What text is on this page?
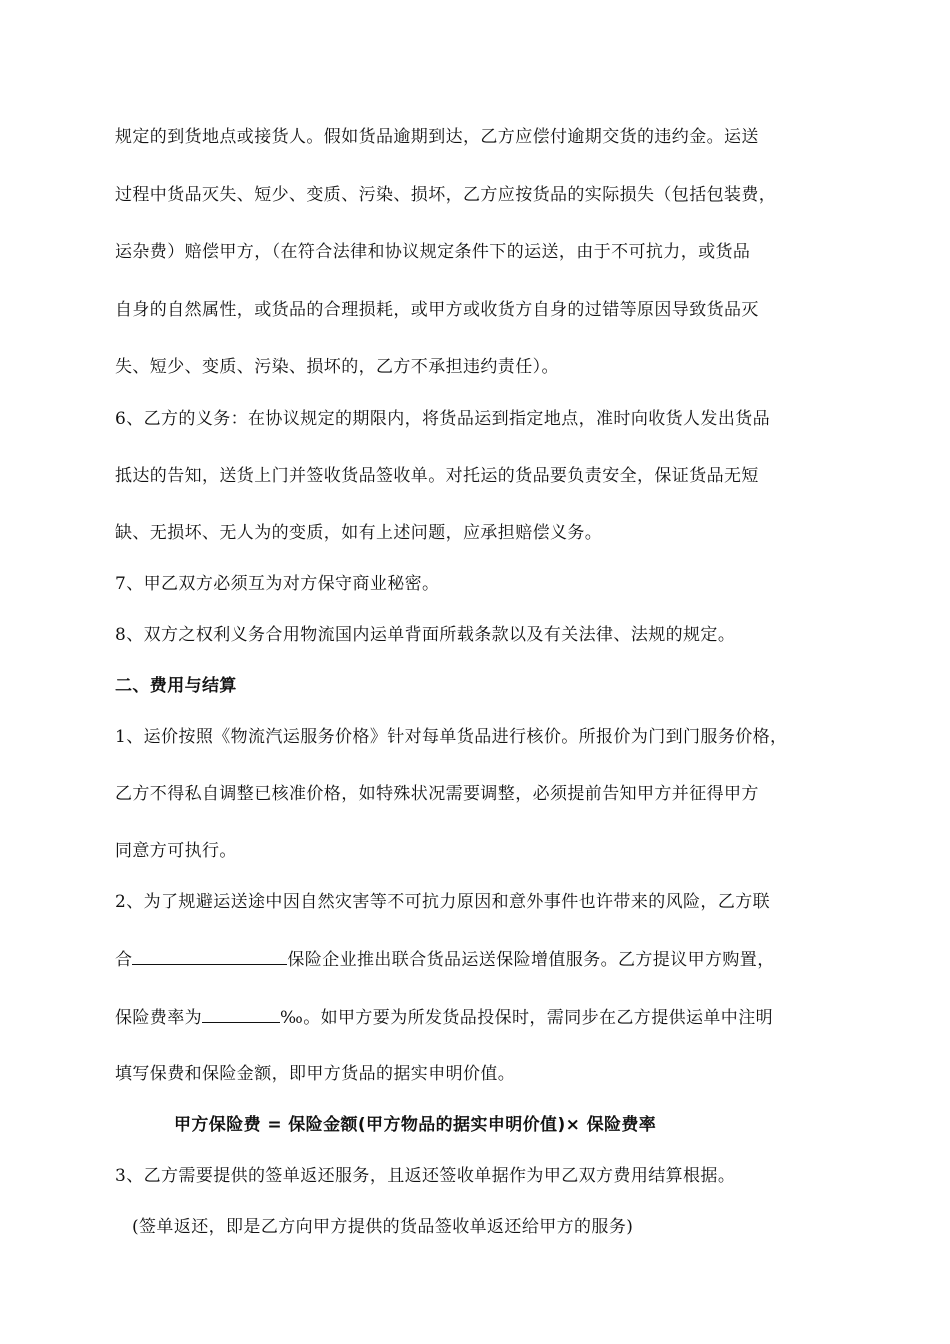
规定的到货地点或接货人。假如货品逾期到达，乙方应偿付逾期交货的违约金。运送
过程中货品灭失、短少、变质、污染、损坏，乙方应按货品的实际损失（包括包装费，
运杂费）赔偿甲方，（在符合法律和协议规定条件下的运送，由于不可抗力，或货品
自身的自然属性，或货品的合理损耗，或甲方或收货方自身的过错等原因导致货品灭
失、短少、变质、污染、损坏的，乙方不承担违约责任）。
6、乙方的义务：在协议规定的期限内，将货品运到指定地点，准时向收货人发出货品
抵达的告知，送货上门并签收货品签收单。对托运的货品要负责安全，保证货品无短
缺、无损坏、无人为的变质，如有上述问题，应承担赔偿义务。
7、甲乙双方必须互为对方保守商业秘密。
8、双方之权利义务合用物流国内运单背面所载条款以及有关法律、法规的规定。
二、费用与结算
1、运价按照《物流汽运服务价格》针对每单货品进行核价。所报价为门到门服务价格，
乙方不得私自调整已核准价格，如特殊状况需要调整，必须提前告知甲方并征得甲方
同意方可执行。
2、为了规避运送途中因自然灾害等不可抗力原因和意外事件也许带来的风险，乙方联
合	保险企业推出联合货品运送保险增值服务。乙方提议甲方购置，
保险费率为	‰。如甲方要为所发货品投保时，需同步在乙方提供运单中注明
填写保费和保险金额，即甲方货品的据实申明价值。
甲方保险费 = 保险金额(甲方物品的据实申明价值)× 保险费率
3、乙方需要提供的签单返还服务，且返还签收单据作为甲乙双方费用结算根据。
(签单返还，即是乙方向甲方提供的货品签收单返还给甲方的服务)
